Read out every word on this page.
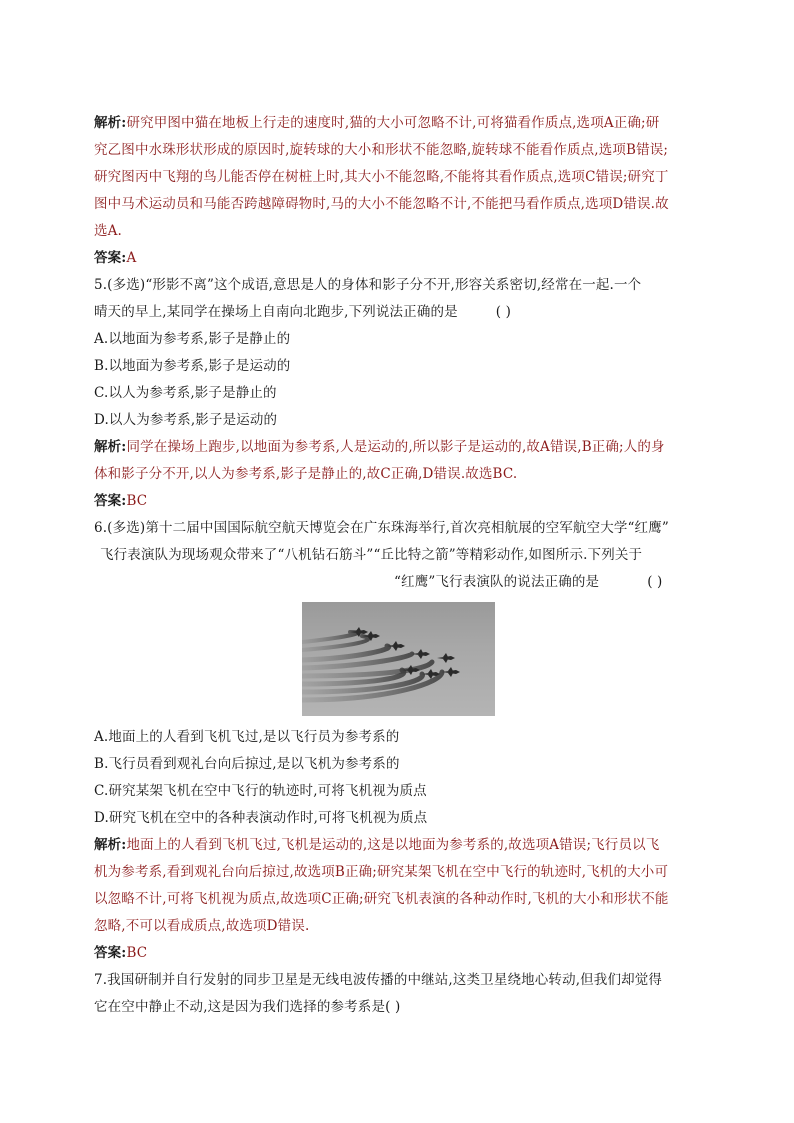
解析:研究甲图中猫在地板上行走的速度时,猫的大小可忽略不计,可将猫看作质点,选项A正确;研
究乙图中水珠形状形成的原因时,旋转球的大小和形状不能忽略,旋转球不能看作质点,选项B错误;
研究图丙中飞翔的鸟儿能否停在树桩上时,其大小不能忽略,不能将其看作质点,选项C错误;研究丁
图中马术运动员和马能否跨越障碍物时,马的大小不能忽略不计,不能把马看作质点,选项D错误.故
选A.
答案:A
5.(多选)“形影不离”这个成语,意思是人的身体和影子分不开,形容关系密切,经常在一起.一个
晴天的早上,某同学在操场上自南向北跑步,下列说法正确的是	( )
A.以地面为参考系,影子是静止的
B.以地面为参考系,影子是运动的
C.以人为参考系,影子是静止的
D.以人为参考系,影子是运动的
解析:同学在操场上跑步,以地面为参考系,人是运动的,所以影子是运动的,故A错误,B正确;人的身
体和影子分不开,以人为参考系,影子是静止的,故C正确,D错误.故选BC.
答案:BC
6.(多选)第十二届中国国际航空航天博览会在广东珠海举行,首次亮相航展的空军航空大学“红鹰”
飞行表演队为现场观众带来了“八机钻石筋斗”“丘比特之箭”等精彩动作,如图所示.下列关于
“红鹰”飞行表演队的说法正确的是	( )
A.地面上的人看到飞机飞过,是以飞行员为参考系的
B.飞行员看到观礼台向后掠过,是以飞机为参考系的
C.研究某架飞机在空中飞行的轨迹时,可将飞机视为质点
D.研究飞机在空中的各种表演动作时,可将飞机视为质点
解析:地面上的人看到飞机飞过,飞机是运动的,这是以地面为参考系的,故选项A错误;飞行员以飞
机为参考系,看到观礼台向后掠过,故选项B正确;研究某架飞机在空中飞行的轨迹时,飞机的大小可
以忽略不计,可将飞机视为质点,故选项C正确;研究飞机表演的各种动作时,飞机的大小和形状不能
忽略,不可以看成质点,故选项D错误.
答案:BC
7.我国研制并自行发射的同步卫星是无线电波传播的中继站,这类卫星绕地心转动,但我们却觉得
它在空中静止不动,这是因为我们选择的参考系是( )
